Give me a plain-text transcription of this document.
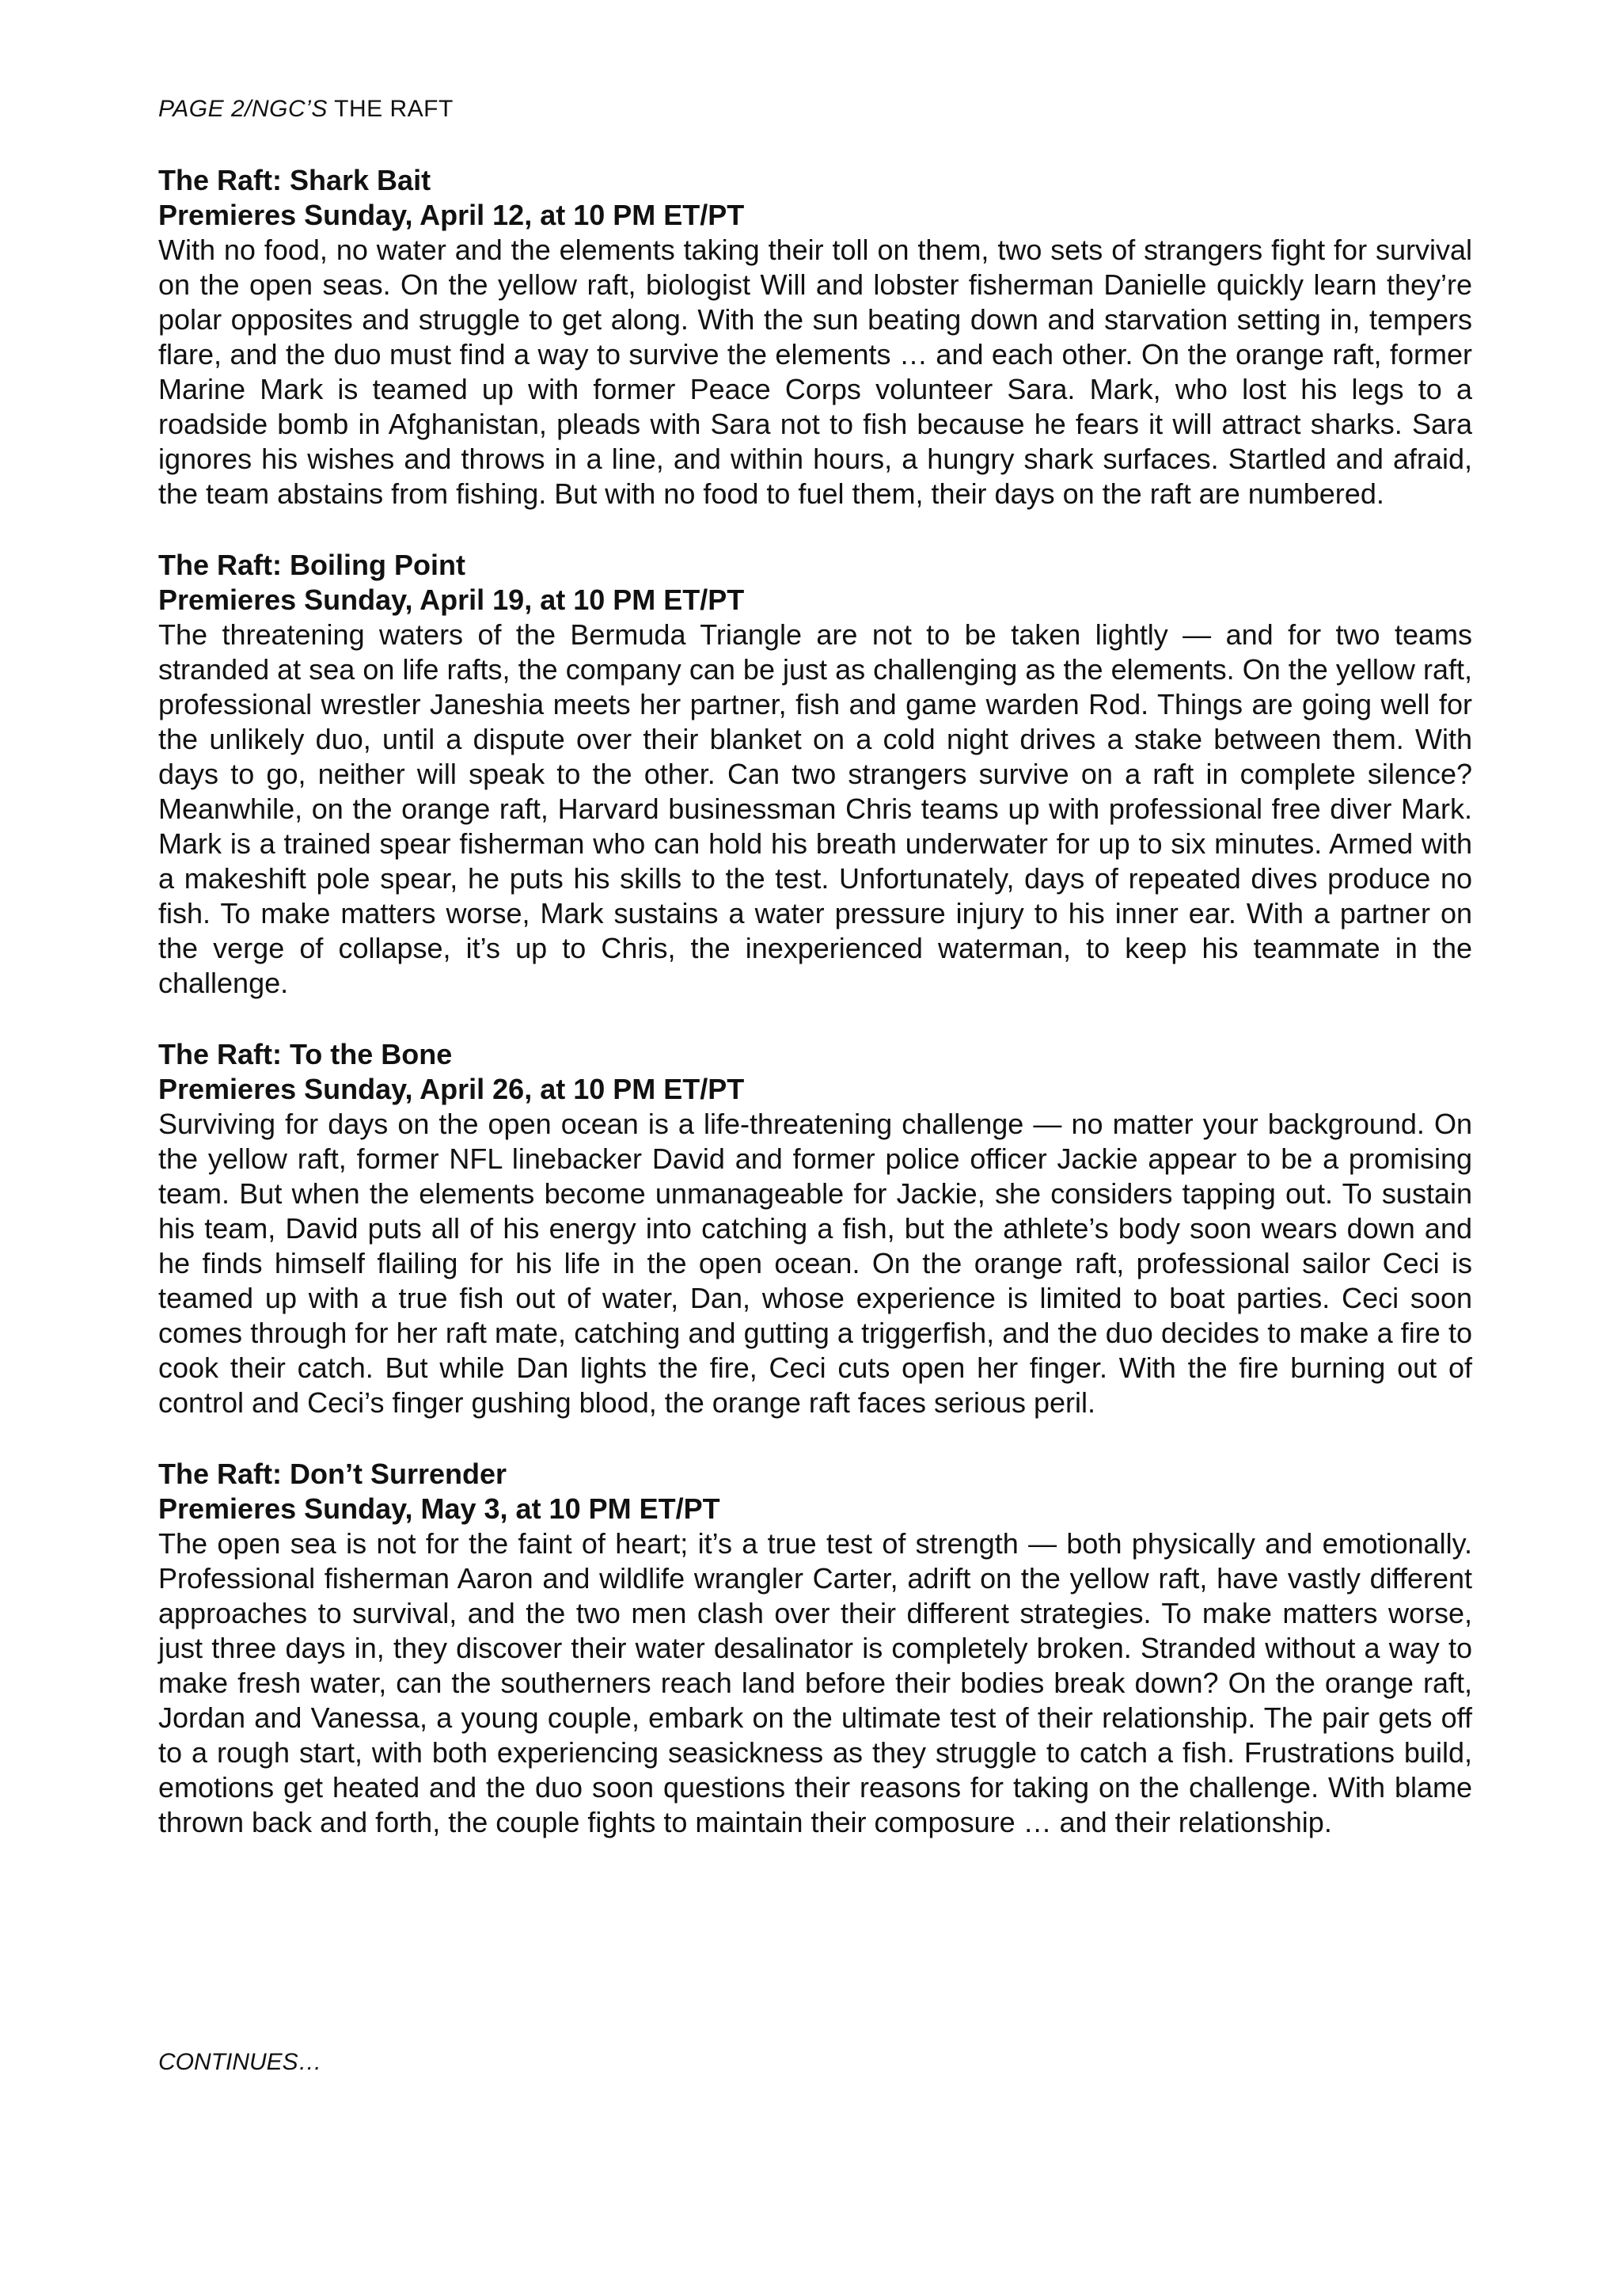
PAGE 2/NGC’S THE RAFT

The Raft: Shark Bait

Premieres Sunday, April 12, at 10 PM ET/PT

With no food, no water and the elements taking their toll on them, two sets of strangers fight for survival on the open seas. On the yellow raft, biologist Will and lobster fisherman Danielle quickly learn they’re polar opposites and struggle to get along. With the sun beating down and starvation setting in, tempers flare, and the duo must find a way to survive the elements … and each other. On the orange raft, former Marine Mark is teamed up with former Peace Corps volunteer Sara. Mark, who lost his legs to a roadside bomb in Afghanistan, pleads with Sara not to fish because he fears it will attract sharks. Sara ignores his wishes and throws in a line, and within hours, a hungry shark surfaces. Startled and afraid, the team abstains from fishing. But with no food to fuel them, their days on the raft are numbered.

The Raft: Boiling Point

Premieres Sunday, April 19, at 10 PM ET/PT

The threatening waters of the Bermuda Triangle are not to be taken lightly — and for two teams stranded at sea on life rafts, the company can be just as challenging as the elements. On the yellow raft, professional wrestler Janeshia meets her partner, fish and game warden Rod. Things are going well for the unlikely duo, until a dispute over their blanket on a cold night drives a stake between them. With days to go, neither will speak to the other. Can two strangers survive on a raft in complete silence? Meanwhile, on the orange raft, Harvard businessman Chris teams up with professional free diver Mark. Mark is a trained spear fisherman who can hold his breath underwater for up to six minutes. Armed with a makeshift pole spear, he puts his skills to the test. Unfortunately, days of repeated dives produce no fish. To make matters worse, Mark sustains a water pressure injury to his inner ear. With a partner on the verge of collapse, it’s up to Chris, the inexperienced waterman, to keep his teammate in the challenge.

The Raft: To the Bone

Premieres Sunday, April 26, at 10 PM ET/PT

Surviving for days on the open ocean is a life-threatening challenge — no matter your background. On the yellow raft, former NFL linebacker David and former police officer Jackie appear to be a promising team. But when the elements become unmanageable for Jackie, she considers tapping out. To sustain his team, David puts all of his energy into catching a fish, but the athlete’s body soon wears down and he finds himself flailing for his life in the open ocean. On the orange raft, professional sailor Ceci is teamed up with a true fish out of water, Dan, whose experience is limited to boat parties. Ceci soon comes through for her raft mate, catching and gutting a triggerfish, and the duo decides to make a fire to cook their catch. But while Dan lights the fire, Ceci cuts open her finger. With the fire burning out of control and Ceci’s finger gushing blood, the orange raft faces serious peril.

The Raft: Don’t Surrender

Premieres Sunday, May 3, at 10 PM ET/PT

The open sea is not for the faint of heart; it’s a true test of strength — both physically and emotionally. Professional fisherman Aaron and wildlife wrangler Carter, adrift on the yellow raft, have vastly different approaches to survival, and the two men clash over their different strategies. To make matters worse, just three days in, they discover their water desalinator is completely broken. Stranded without a way to make fresh water, can the southerners reach land before their bodies break down? On the orange raft, Jordan and Vanessa, a young couple, embark on the ultimate test of their relationship. The pair gets off to a rough start, with both experiencing seasickness as they struggle to catch a fish. Frustrations build, emotions get heated and the duo soon questions their reasons for taking on the challenge. With blame thrown back and forth, the couple fights to maintain their composure … and their relationship.

CONTINUES…
